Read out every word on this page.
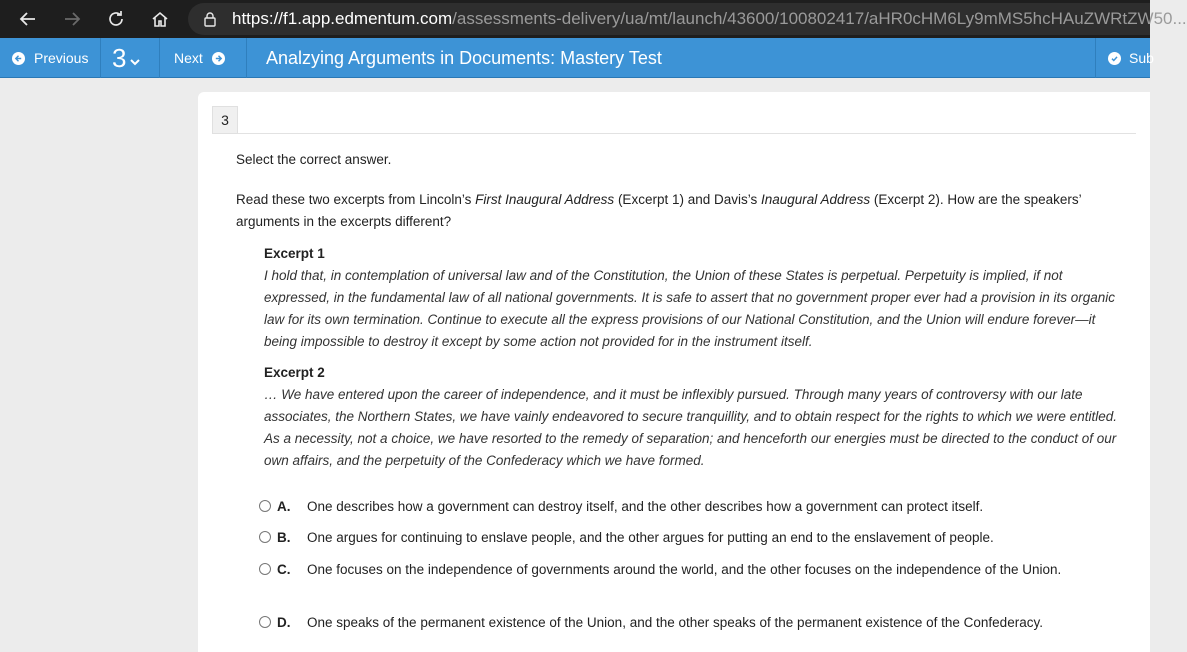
https://f1.app.edmentum.com /assessments-delivery/ua/mt/launch/43600/100802417/aHR0cHM6Ly9mMS5hcHAuZWRtZW50...
Previous 3	Next	Analzying Arguments in Documents: Mastery Test	Sub
3
Select the correct answer.
Read these two excerpts from Lincoln’s First Inaugural Address (Excerpt 1) and Davis’s Inaugural Address (Excerpt 2). How are the speakers’ arguments in the excerpts different?
Excerpt 1
I hold that, in contemplation of universal law and of the Constitution, the Union of these States is perpetual. Perpetuity is implied, if not expressed, in the fundamental law of all national governments. It is safe to assert that no government proper ever had a provision in its organic law for its own termination. Continue to execute all the express provisions of our National Constitution, and the Union will endure forever—it being impossible to destroy it except by some action not provided for in the instrument itself.
Excerpt 2
… We have entered upon the career of independence, and it must be inflexibly pursued. Through many years of controversy with our late associates, the Northern States, we have vainly endeavored to secure tranquillity, and to obtain respect for the rights to which we were entitled. As a necessity, not a choice, we have resorted to the remedy of separation; and henceforth our energies must be directed to the conduct of our own affairs, and the perpetuity of the Confederacy which we have formed.
A.	One describes how a government can destroy itself, and the other describes how a government can protect itself.
B.	One argues for continuing to enslave people, and the other argues for putting an end to the enslavement of people.
C.	One focuses on the independence of governments around the world, and the other focuses on the independence of the Union.
D.	One speaks of the permanent existence of the Union, and the other speaks of the permanent existence of the Confederacy.
